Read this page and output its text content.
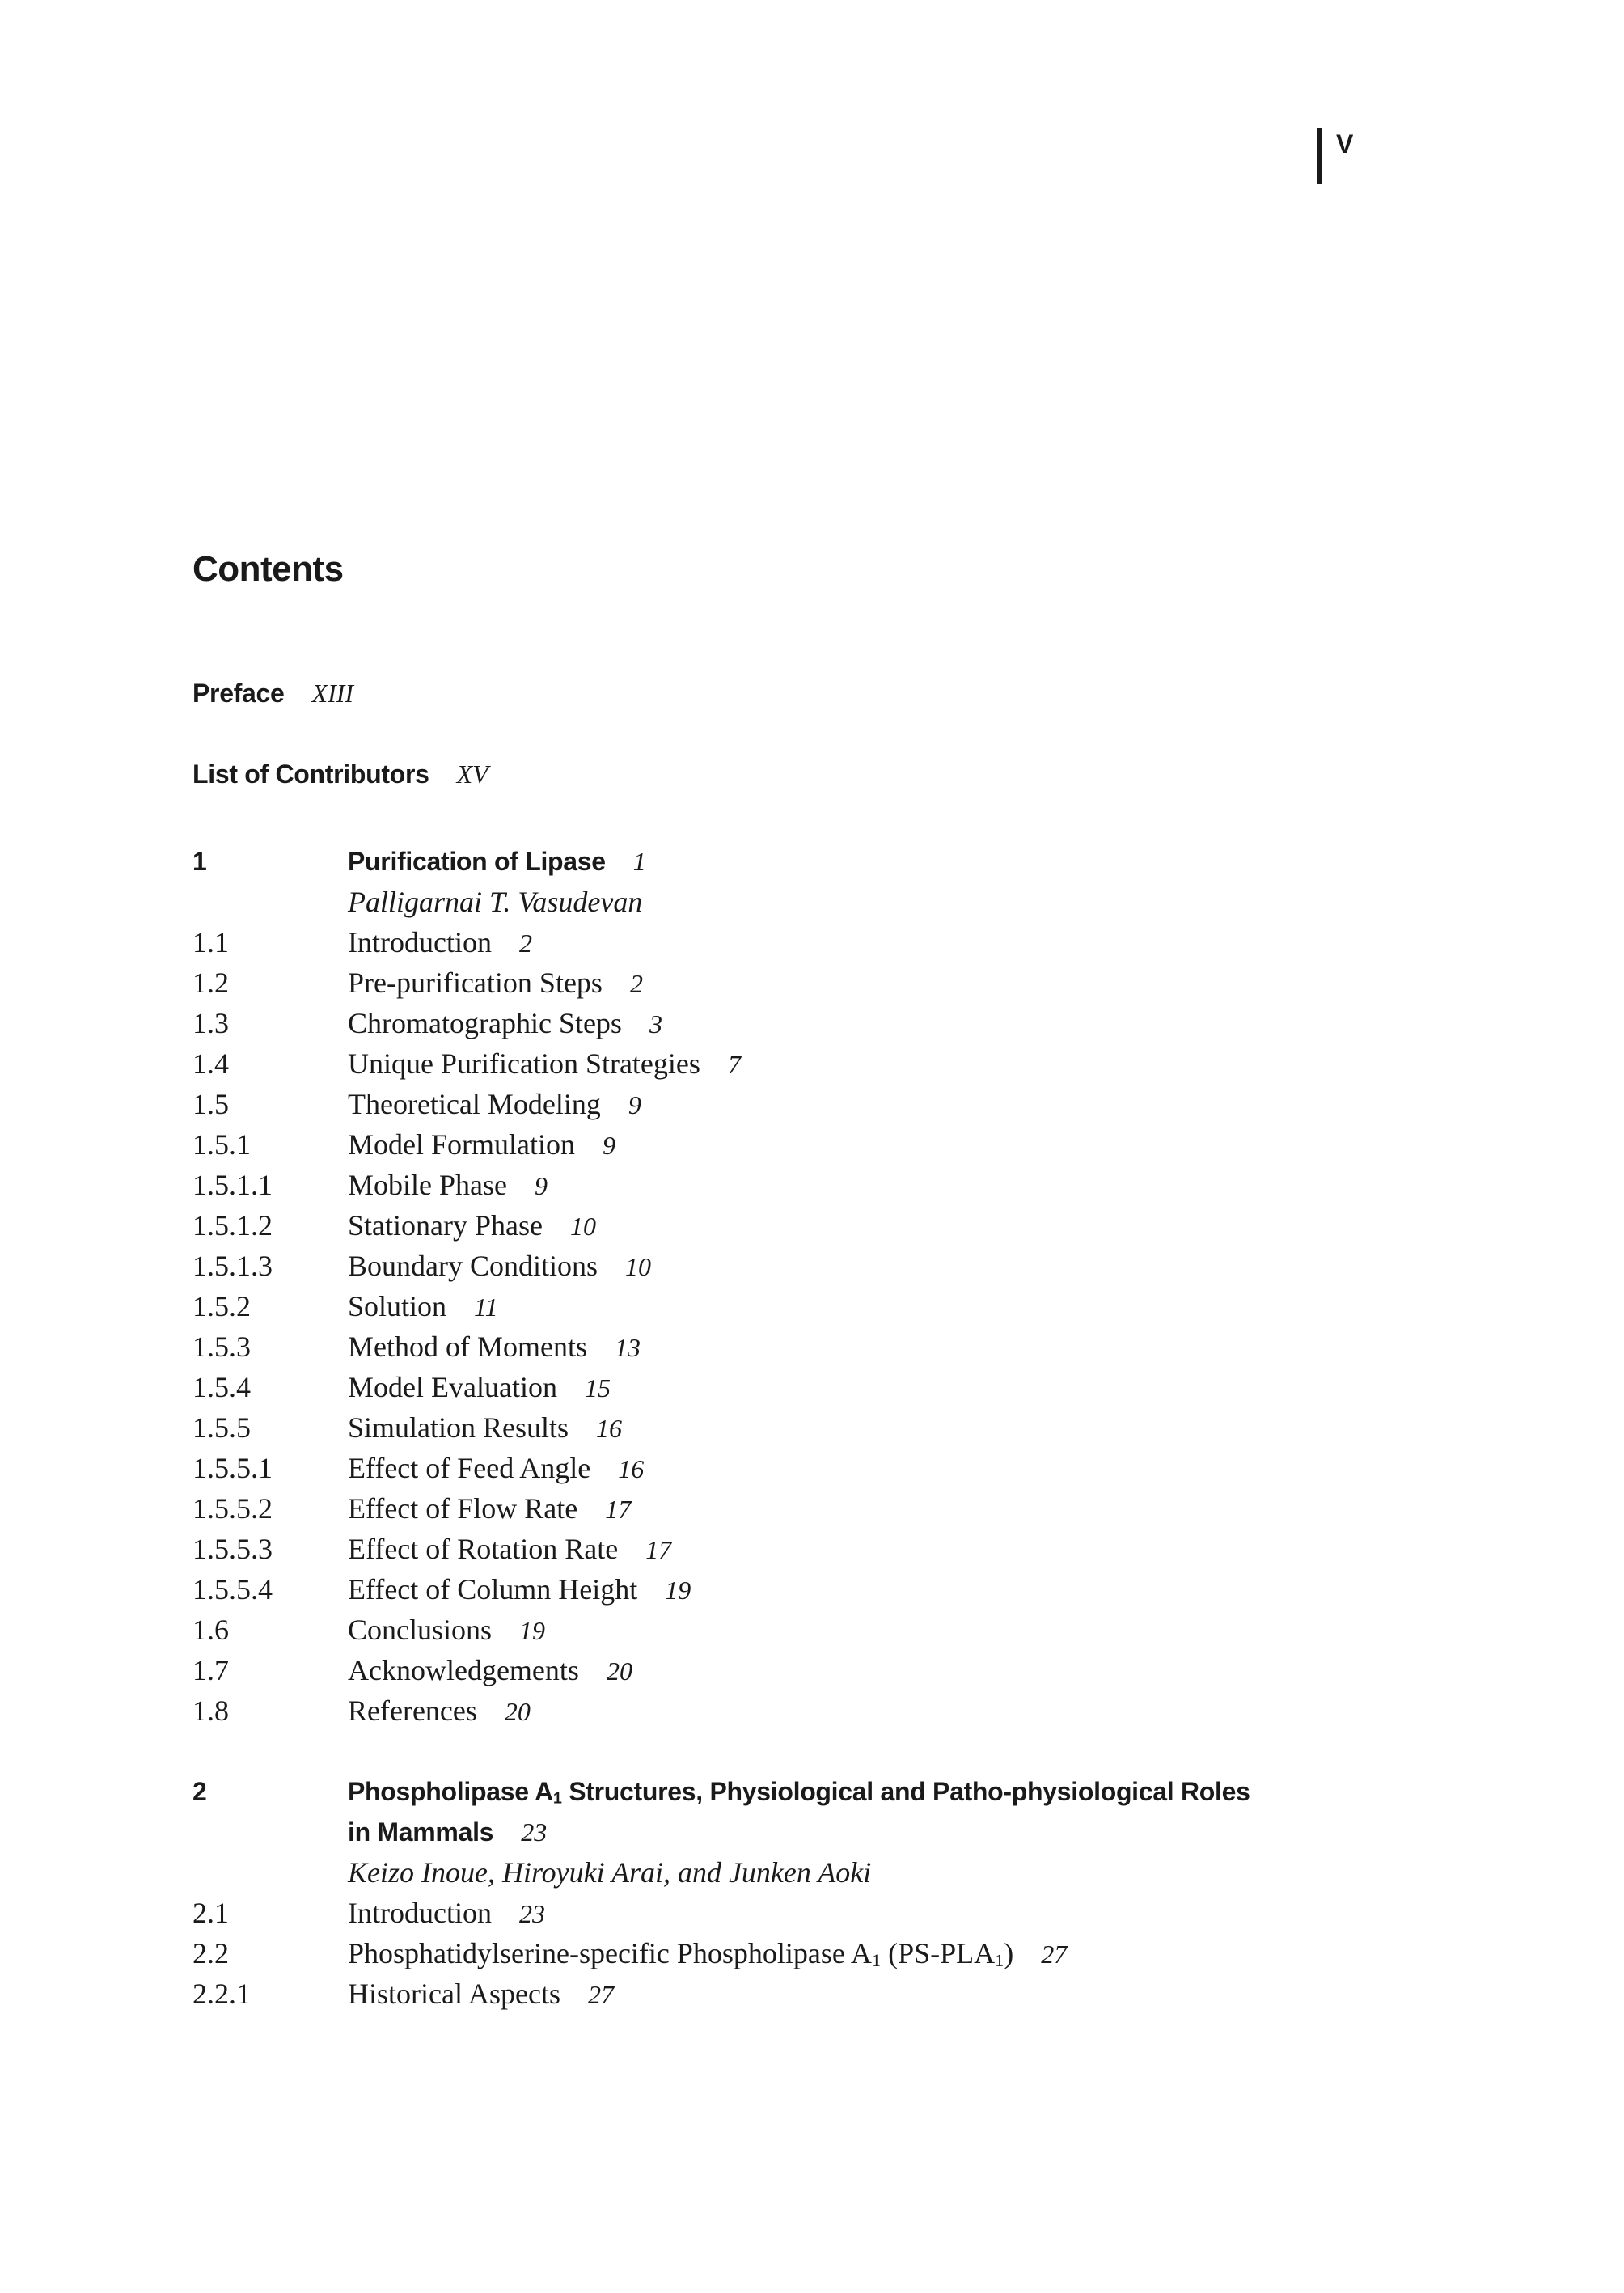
V
Contents
Preface XIII
List of Contributors XV
1	Purification of Lipase 1
Palligarnai T. Vasudevan
1.1	Introduction 2
1.2	Pre-purification Steps 2
1.3	Chromatographic Steps 3
1.4	Unique Purification Strategies 7
1.5	Theoretical Modeling 9
1.5.1	Model Formulation 9
1.5.1.1	Mobile Phase 9
1.5.1.2	Stationary Phase 10
1.5.1.3	Boundary Conditions 10
1.5.2	Solution 11
1.5.3	Method of Moments 13
1.5.4	Model Evaluation 15
1.5.5	Simulation Results 16
1.5.5.1	Effect of Feed Angle 16
1.5.5.2	Effect of Flow Rate 17
1.5.5.3	Effect of Rotation Rate 17
1.5.5.4	Effect of Column Height 19
1.6	Conclusions 19
1.7	Acknowledgements 20
1.8	References 20
2	Phospholipase $A_1$ Structures, Physiological and Patho-physiological Roles
in Mammals 23
Keizo Inoue, Hiroyuki Arai, and Junken Aoki
2.1	Introduction 23
2.2	Phosphatidylserine-specific Phospholipase $A_1$ $(PS-PLA_1)$ 27
2.2.1	Historical Aspects 27
